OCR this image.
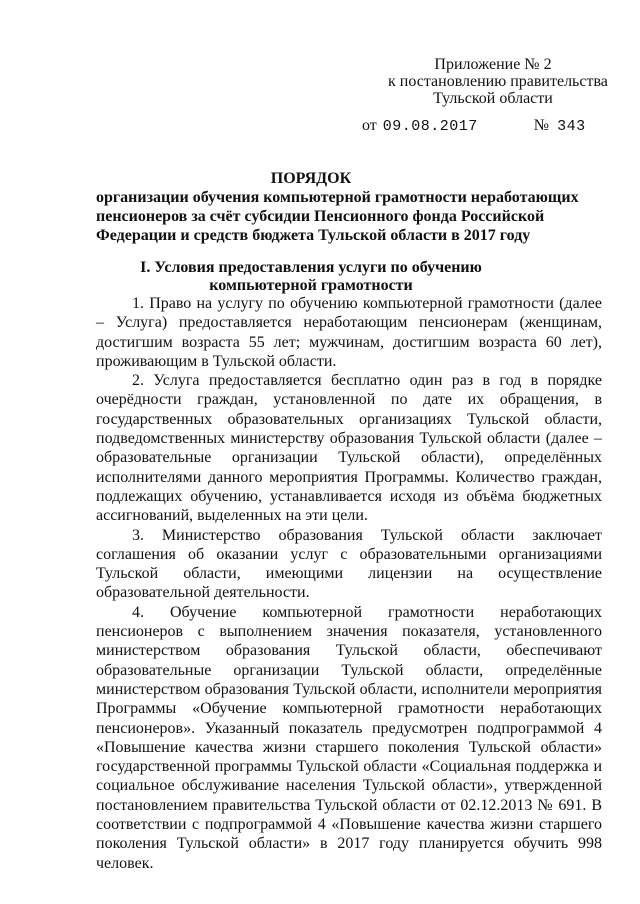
Приложение № 2
к постановлению правительства
Тульской области
от 09.08.2017	№ 343
ПОРЯДОК
организации обучения компьютерной грамотности неработающих
пенсионеров за счёт субсидии Пенсионного фонда Российской
Федерации и средств бюджета Тульской области в 2017 году
I. Условия предоставления услуги по обучению
компьютерной грамотности

1. Право на услугу по обучению компьютерной грамотности (далее – Услуга) предоставляется неработающим пенсионерам (женщинам, достигшим возраста 55 лет; мужчинам, достигшим возраста 60 лет), проживающим в Тульской области.

2. Услуга предоставляется бесплатно один раз в год в порядке очерёдности граждан, установленной по дате их обращения, в государственных образовательных организациях Тульской области, подведомственных министерству образования Тульской области (далее – образовательные организации Тульской области), определённых исполнителями данного мероприятия Программы. Количество граждан, подлежащих обучению, устанавливается исходя из объёма бюджетных ассигнований, выделенных на эти цели.

3. Министерство образования Тульской области заключает соглашения об оказании услуг с образовательными организациями Тульской области, имеющими лицензии на осуществление образовательной деятельности.

4. Обучение компьютерной грамотности неработающих пенсионеров с выполнением значения показателя, установленного министерством образования Тульской области, обеспечивают образовательные организации Тульской области, определённые министерством образования Тульской области, исполнители мероприятия Программы «Обучение компьютерной грамотности неработающих пенсионеров». Указанный показатель предусмотрен подпрограммой 4 «Повышение качества жизни старшего поколения Тульской области» государственной программы Тульской области «Социальная поддержка и социальное обслуживание населения Тульской области», утвержденной постановлением правительства Тульской области от 02.12.2013 № 691. В соответствии с подпрограммой 4 «Повышение качества жизни старшего поколения Тульской области» в 2017 году планируется обучить 998 человек.
